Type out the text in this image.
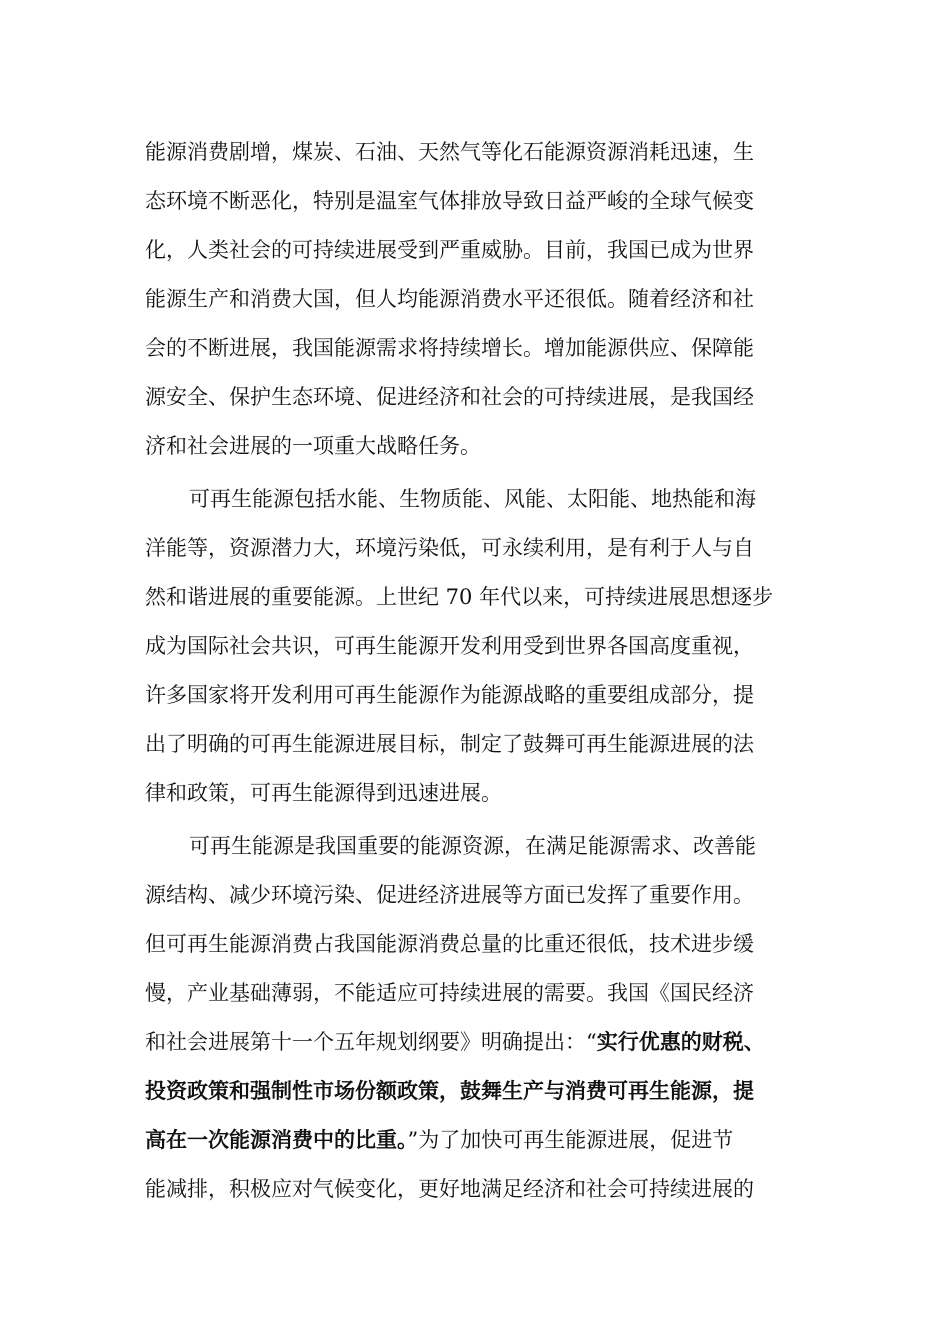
能源消费剧增，煤炭、石油、天然气等化石能源资源消耗迅速，生
态环境不断恶化，特别是温室气体排放导致日益严峻的全球气候变
化，人类社会的可持续进展受到严重威胁。目前，我国已成为世界
能源生产和消费大国，但人均能源消费水平还很低。随着经济和社
会的不断进展，我国能源需求将持续增长。增加能源供应、保障能
源安全、保护生态环境、促进经济和社会的可持续进展，是我国经
济和社会进展的一项重大战略任务。
可再生能源包括水能、生物质能、风能、太阳能、地热能和海
洋能等，资源潜力大，环境污染低，可永续利用，是有利于人与自
然和谐进展的重要能源。上世纪 70 年代以来，可持续进展思想逐步
成为国际社会共识，可再生能源开发利用受到世界各国高度重视，
许多国家将开发利用可再生能源作为能源战略的重要组成部分，提
出了明确的可再生能源进展目标，制定了鼓舞可再生能源进展的法
律和政策，可再生能源得到迅速进展。
可再生能源是我国重要的能源资源，在满足能源需求、改善能
源结构、减少环境污染、促进经济进展等方面已发挥了重要作用。
但可再生能源消费占我国能源消费总量的比重还很低，技术进步缓
慢，产业基础薄弱，不能适应可持续进展的需要。我国《国民经济
和社会进展第十一个五年规划纲要》明确提出：“实行优惠的财税、
投资政策和强制性市场份额政策，鼓舞生产与消费可再生能源，提
高在一次能源消费中的比重。”为了加快可再生能源进展，促进节
能减排，积极应对气候变化，更好地满足经济和社会可持续进展的
